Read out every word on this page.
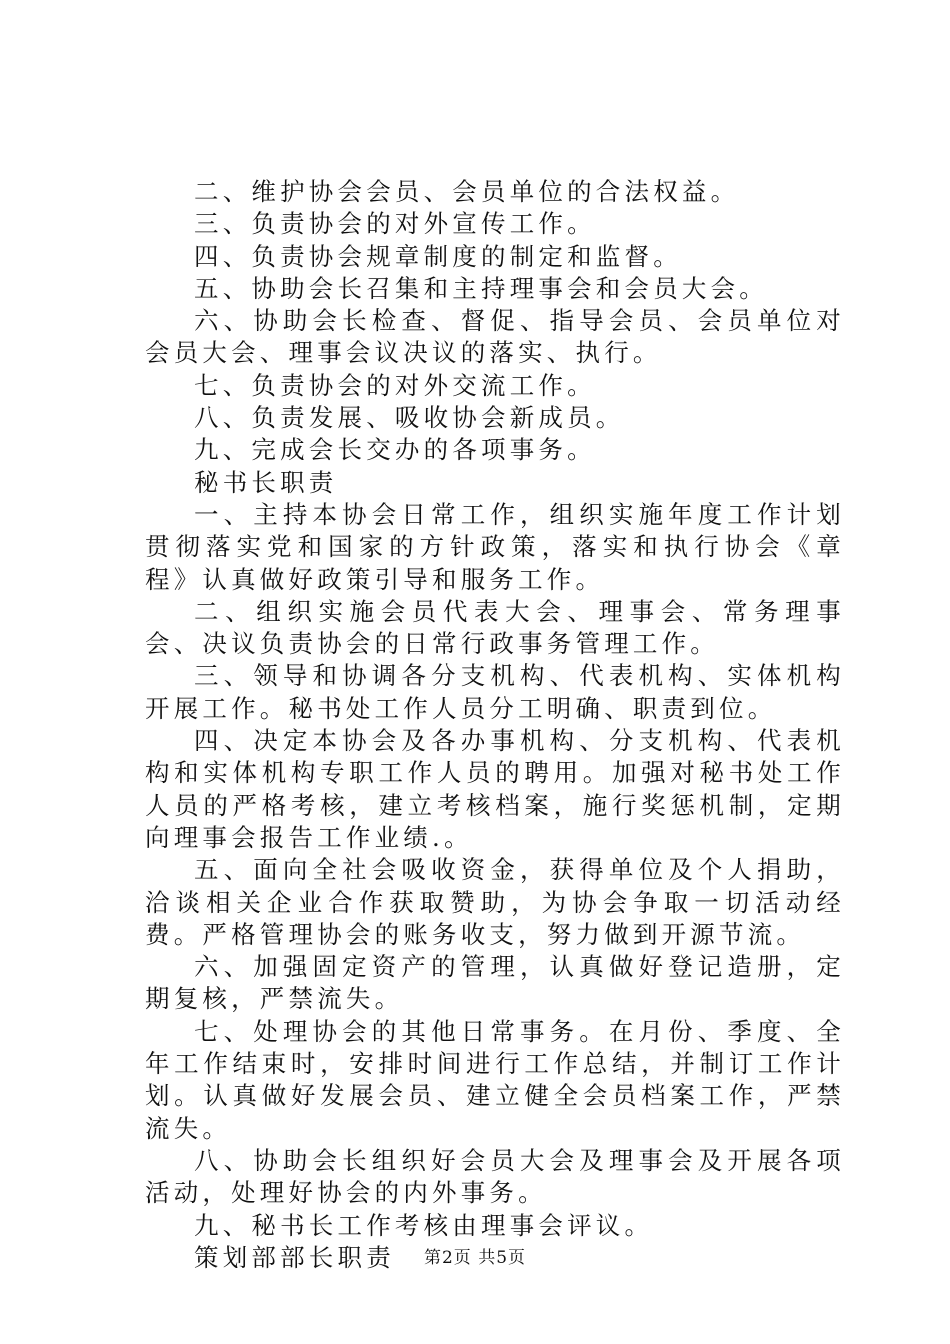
二、维护协会会员、会员单位的合法权益。

三、负责协会的对外宣传工作。

四、负责协会规章制度的制定和监督。

五、协助会长召集和主持理事会和会员大会。

六、协助会长检查、督促、指导会员、会员单位对会员大会、理事会议决议的落实、执行。

七、负责协会的对外交流工作。

八、负责发展、吸收协会新成员。

九、完成会长交办的各项事务。

秘书长职责

一、主持本协会日常工作，组织实施年度工作计划贯彻落实党和国家的方针政策，落实和执行协会《章程》认真做好政策引导和服务工作。

二、组织实施会员代表大会、理事会、常务理事会、决议负责协会的日常行政事务管理工作。

三、领导和协调各分支机构、代表机构、实体机构开展工作。秘书处工作人员分工明确、职责到位。

四、决定本协会及各办事机构、分支机构、代表机构和实体机构专职工作人员的聘用。加强对秘书处工作人员的严格考核，建立考核档案，施行奖惩机制，定期向理事会报告工作业绩.。

五、面向全社会吸收资金，获得单位及个人捐助，洽谈相关企业合作获取赞助，为协会争取一切活动经费。严格管理协会的账务收支，努力做到开源节流。

六、加强固定资产的管理，认真做好登记造册，定期复核，严禁流失。

七、处理协会的其他日常事务。在月份、季度、全年工作结束时，安排时间进行工作总结，并制订工作计划。认真做好发展会员、建立健全会员档案工作，严禁流失。

八、协助会长组织好会员大会及理事会及开展各项活动，处理好协会的内外事务。

九、秘书长工作考核由理事会评议。

策划部部长职责	第2页 共5页
